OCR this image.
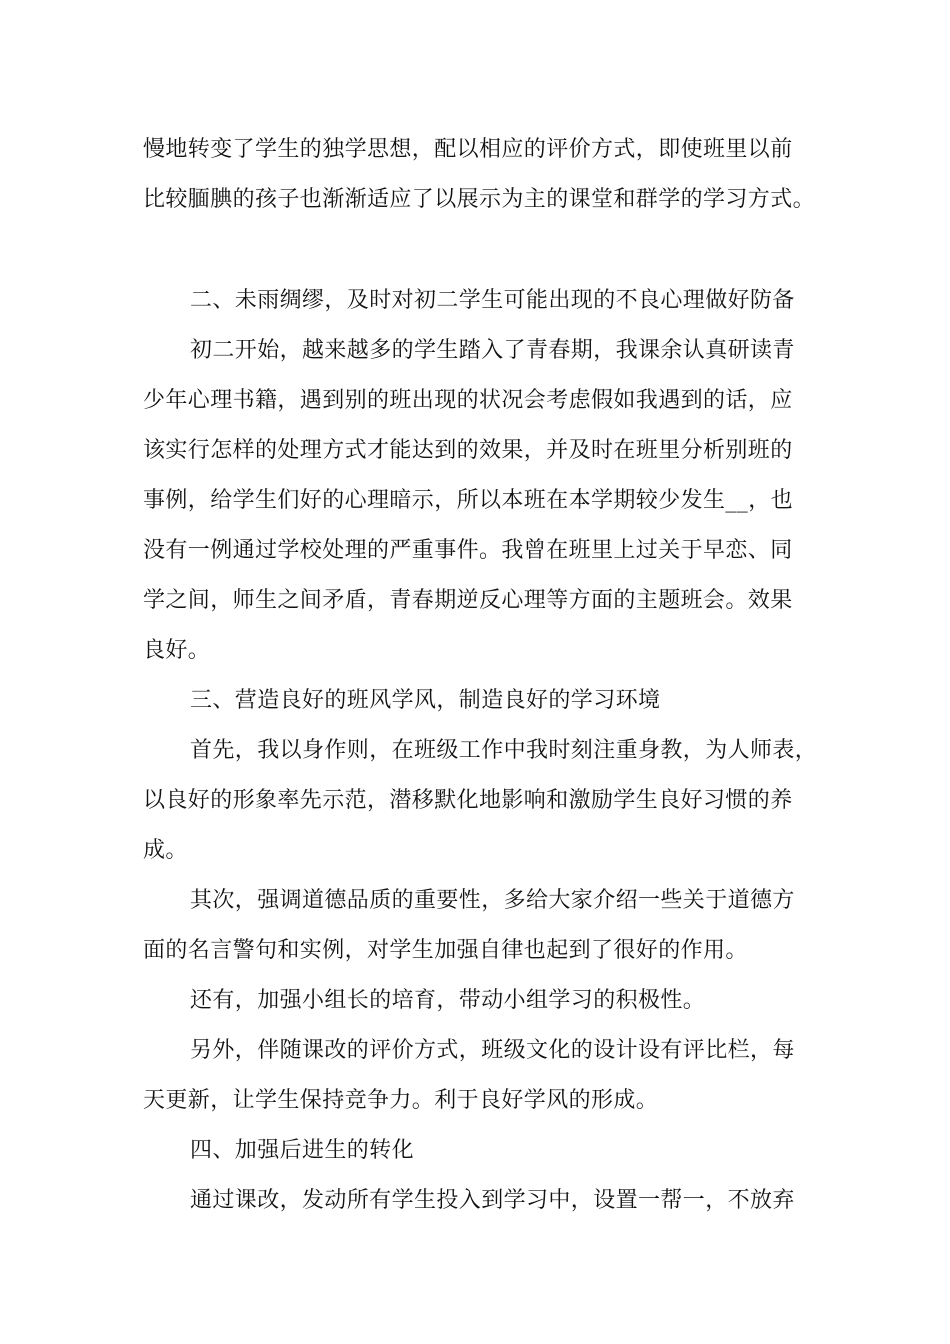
慢地转变了学生的独学思想，配以相应的评价方式，即使班里以前
比较腼腆的孩子也渐渐适应了以展示为主的课堂和群学的学习方式。
二、未雨绸缪，及时对初二学生可能出现的不良心理做好防备
初二开始，越来越多的学生踏入了青春期，我课余认真研读青
少年心理书籍，遇到别的班出现的状况会考虑假如我遇到的话，应
该实行怎样的处理方式才能达到的效果，并及时在班里分析别班的
事例，给学生们好的心理暗示，所以本班在本学期较少发生__，也
没有一例通过学校处理的严重事件。我曾在班里上过关于早恋、同
学之间，师生之间矛盾，青春期逆反心理等方面的主题班会。效果
良好。
三、营造良好的班风学风，制造良好的学习环境
首先，我以身作则，在班级工作中我时刻注重身教，为人师表，
以良好的形象率先示范，潜移默化地影响和激励学生良好习惯的养
成。
其次，强调道德品质的重要性，多给大家介绍一些关于道德方
面的名言警句和实例，对学生加强自律也起到了很好的作用。
还有，加强小组长的培育，带动小组学习的积极性。
另外，伴随课改的评价方式，班级文化的设计设有评比栏，每
天更新，让学生保持竞争力。利于良好学风的形成。
四、加强后进生的转化
通过课改，发动所有学生投入到学习中，设置一帮一，不放弃
